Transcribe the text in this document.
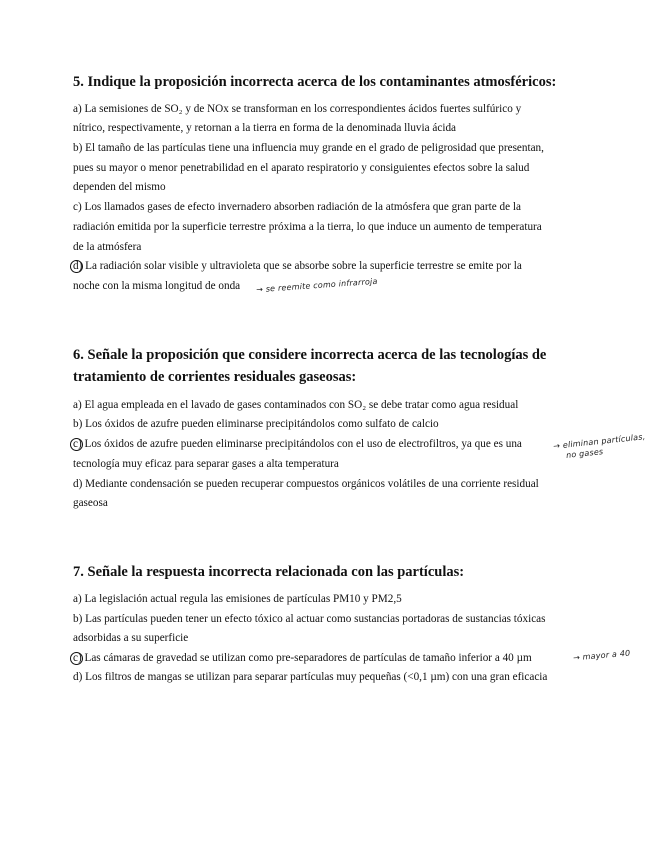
5. Indique la proposición incorrecta acerca de los contaminantes atmosféricos:
a) La semisiones de SO₂ y de NOx se transforman en los correspondientes ácidos fuertes sulfúrico y
nítrico, respectivamente, y retornan a la tierra en forma de la denominada lluvia ácida
b) El tamaño de las partículas tiene una influencia muy grande en el grado de peligrosidad que presentan,
pues su mayor o menor penetrabilidad en el aparato respiratorio y consiguientes efectos sobre la salud
dependen del mismo
c) Los llamados gases de efecto invernadero absorben radiación de la atmósfera que gran parte de la
radiación emitida por la superficie terrestre próxima a la tierra, lo que induce un aumento de temperatura
de la atmósfera
d) La radiación solar visible y ultravioleta que se absorbe sobre la superficie terrestre se emite por la
noche con la misma longitud de onda → se reemite como infrarroja
6. Señale la proposición que considere incorrecta acerca de las tecnologías de
tratamiento de corrientes residuales gaseosas:
a) El agua empleada en el lavado de gases contaminados con SO₂ se debe tratar como agua residual
b) Los óxidos de azufre pueden eliminarse precipitándolos como sulfato de calcio
c) Los óxidos de azufre pueden eliminarse precipitándolos con el uso de electrofiltros, ya que es una
tecnología muy eficaz para separar gases a alta temperatura
d) Mediante condensación se pueden recuperar compuestos orgánicos volátiles de una corriente residual
gaseosa
→ eliminan partículas,
no gases
7. Señale la respuesta incorrecta relacionada con las partículas:
a) La legislación actual regula las emisiones de partículas PM10 y PM2,5
b) Las partículas pueden tener un efecto tóxico al actuar como sustancias portadoras de sustancias tóxicas
adsorbidas a su superficie
c) Las cámaras de gravedad se utilizan como pre-separadores de partículas de tamaño inferior a 40 µm
d) Los filtros de mangas se utilizan para separar partículas muy pequeñas (<0,1 µm) con una gran eficacia
→ mayor a 40
